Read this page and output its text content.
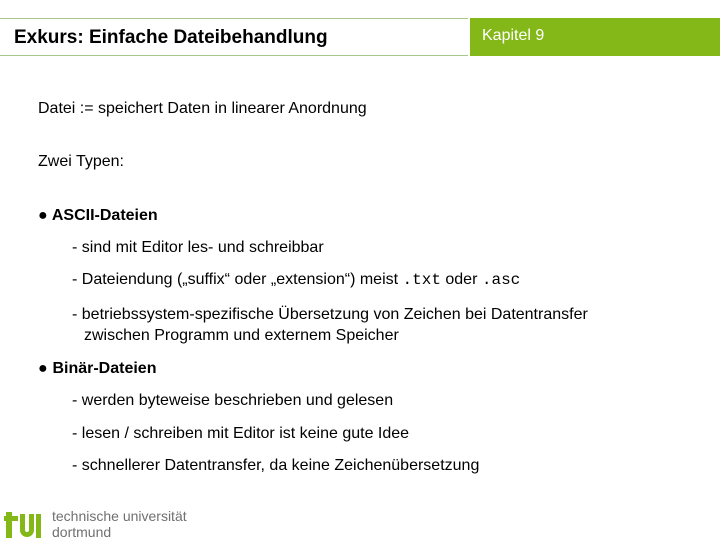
Exkurs: Einfache Dateibehandlung	Kapitel 9
Datei := speichert Daten in linearer Anordnung
Zwei Typen:
● ASCII-Dateien
- sind mit Editor les- und schreibbar
- Dateiendung („suffix“ oder „extension“) meist .txt oder .asc
- betriebssystem-spezifische Übersetzung von Zeichen bei Datentransfer
zwischen Programm und externem Speicher
● Binär-Dateien
- werden byteweise beschrieben und gelesen
- lesen / schreiben mit Editor ist keine gute Idee
- schnellerer Datentransfer, da keine Zeichenübersetzung
technische universität
dortmund
